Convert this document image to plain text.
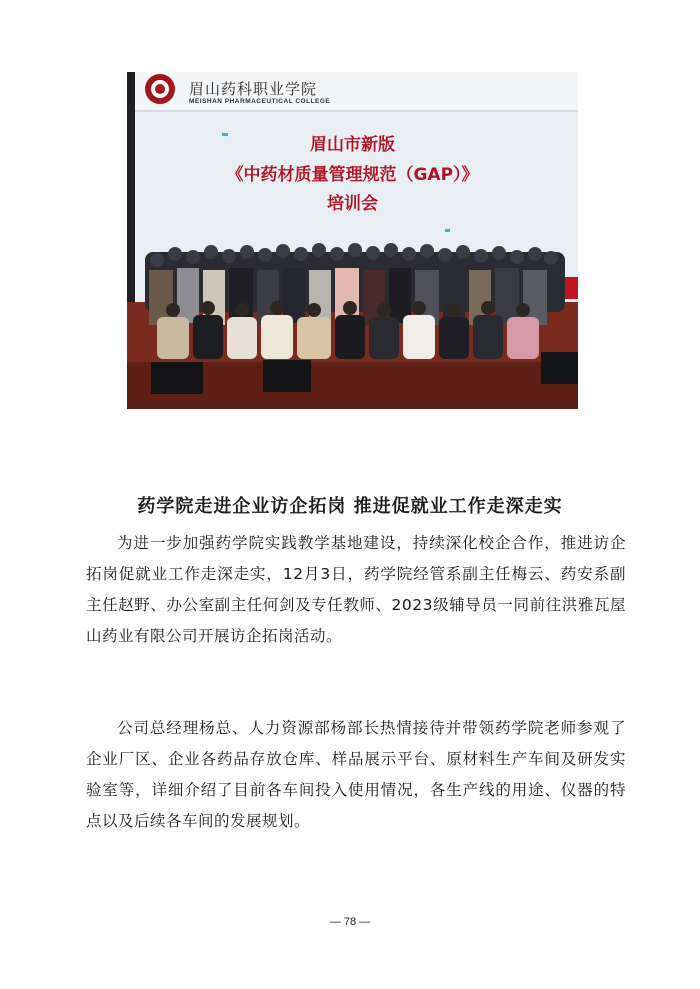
眉山药科职业学院
MEISHAN PHARMACEUTICAL COLLEGE
眉山市新版
《中药材质量管理规范（GAP）》
培训会
药学院走进企业访企拓岗 推进促就业工作走深走实

为进一步加强药学院实践教学基地建设，持续深化校企合作，推进访企拓岗促就业工作走深走实，12月3日，药学院经管系副主任梅云、药安系副主任赵野、办公室副主任何剑及专任教师、2023级辅导员一同前往洪雅瓦屋山药业有限公司开展访企拓岗活动。

公司总经理杨总、人力资源部杨部长热情接待并带领药学院老师参观了企业厂区、企业各药品存放仓库、样品展示平台、原材料生产车间及研发实验室等，详细介绍了目前各车间投入使用情况，各生产线的用途、仪器的特点以及后续各车间的发展规划。

— 78 —
